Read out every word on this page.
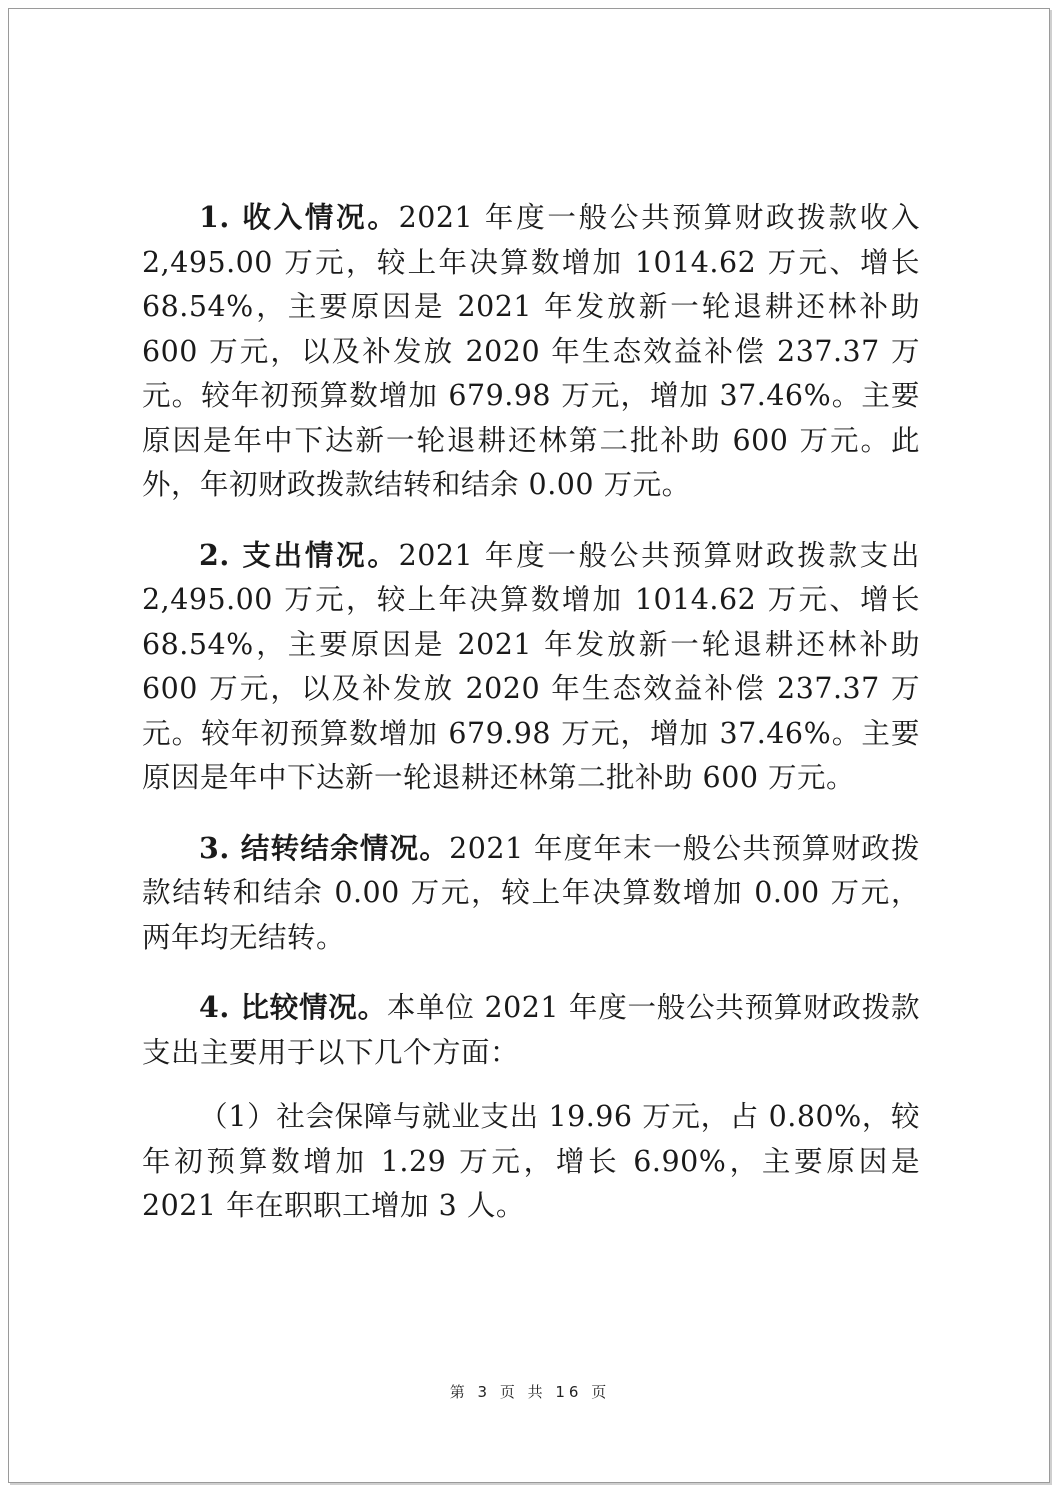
1. 收入情况。2021 年度一般公共预算财政拨款收入 2,495.00 万元，较上年决算数增加 1014.62 万元、增长 68.54%，主要原因是 2021 年发放新一轮退耕还林补助 600 万元，以及补发放 2020 年生态效益补偿 237.37 万元。较年初预算数增加 679.98 万元，增加 37.46%。主要原因是年中下达新一轮退耕还林第二批补助 600 万元。此外，年初财政拨款结转和结余 0.00 万元。

2. 支出情况。2021 年度一般公共预算财政拨款支出 2,495.00 万元，较上年决算数增加 1014.62 万元、增长 68.54%，主要原因是 2021 年发放新一轮退耕还林补助 600 万元，以及补发放 2020 年生态效益补偿 237.37 万元。较年初预算数增加 679.98 万元，增加 37.46%。主要原因是年中下达新一轮退耕还林第二批补助 600 万元。

3. 结转结余情况。2021 年度年末一般公共预算财政拨款结转和结余 0.00 万元，较上年决算数增加 0.00 万元，两年均无结转。

4. 比较情况。本单位 2021 年度一般公共预算财政拨款支出主要用于以下几个方面：

（1）社会保障与就业支出 19.96 万元，占 0.80%，较年初预算数增加 1.29 万元，增长 6.90%，主要原因是 2021 年在职职工增加 3 人。

第 3 页 共 16 页
